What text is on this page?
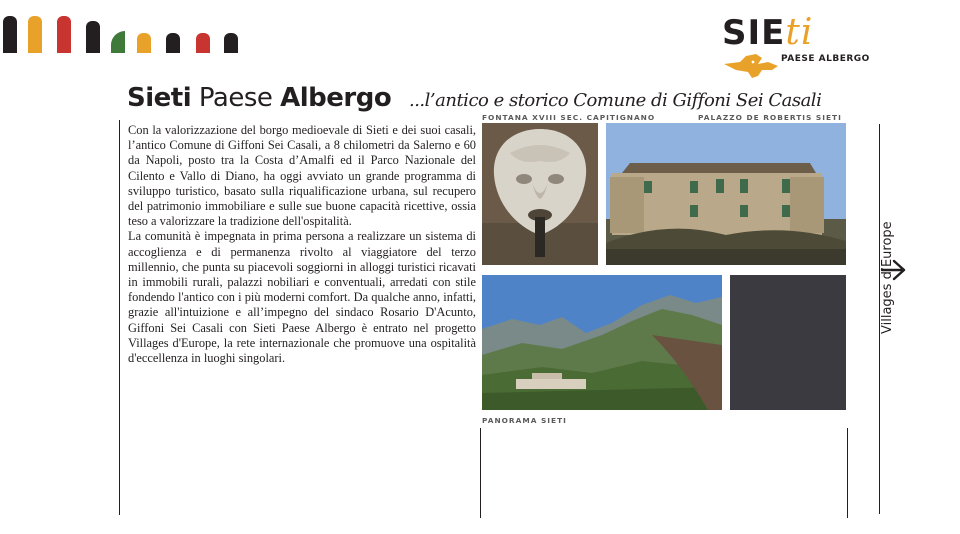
SIEti
PAESE ALBERGO
Sieti Paese Albergo ...l’antico e storico Comune di Giffoni Sei Casali

Con la valorizzazione del borgo medioevale di Sieti e dei suoi casali, l’antico Comune di Giffoni Sei Casali, a 8 chilometri da Salerno e 60 da Napoli, posto tra la Costa d’Amalfi ed il Parco Nazionale del Cilento e Vallo di Diano, ha oggi avviato un grande programma di sviluppo turistico, basato sulla riqualificazione urbana, sul recupero del patrimonio immobiliare e sulle sue buone capacità ricettive, ossia teso a valorizzare la tradizione dell'ospitalità.

La comunità è impegnata in prima persona a realizzare un sistema di accoglienza e di permanenza rivolto al viaggiatore del terzo millennio, che punta su piacevoli soggiorni in alloggi turistici ricavati in immobili rurali, palazzi nobiliari e conventuali, arredati con stile fondendo l'antico con i più moderni comfort. Da qualche anno, infatti, grazie all'intuizione e all’impegno del sindaco Rosario D'Acunto, Giffoni Sei Casali con Sieti Paese Albergo è entrato nel progetto Villages d'Europe, la rete internazionale che promuove una ospitalità d'eccellenza in luoghi singolari.

FONTANA XVIII SEC. CAPITIGNANO	PALAZZO DE ROBERTIS SIETI
PANORAMA SIETI
Villages d’Europe
